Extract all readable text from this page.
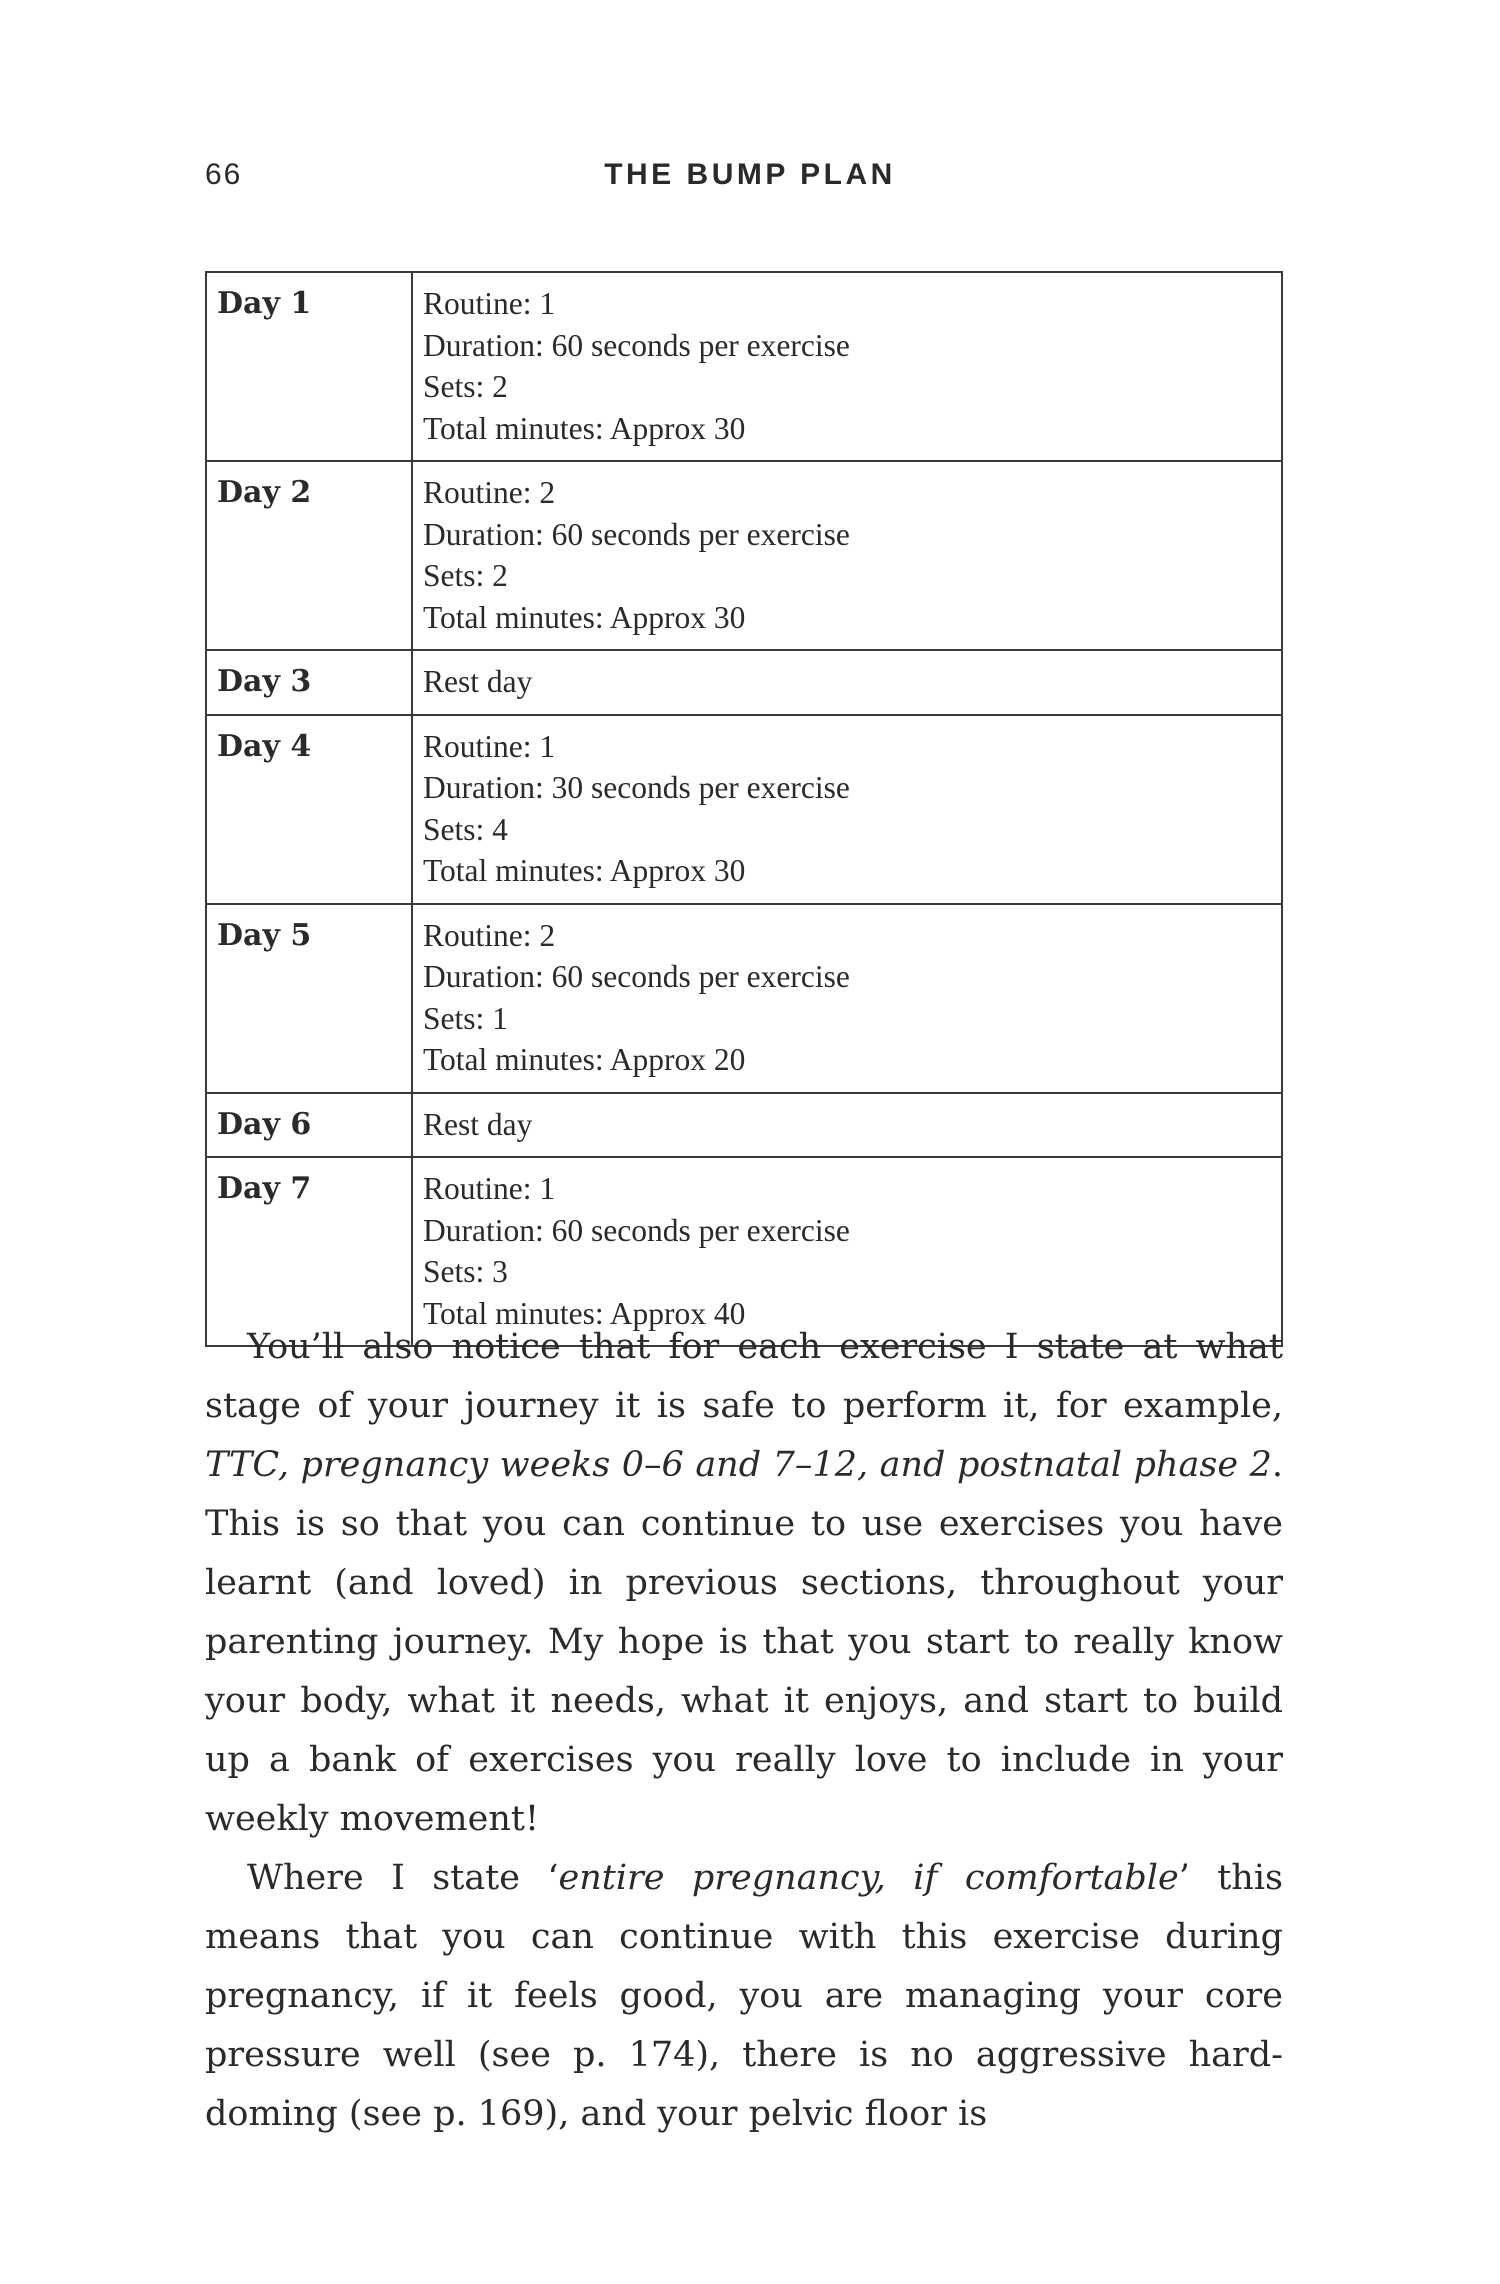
66	THE BUMP PLAN
Day 1	Routine: 1
Duration: 60 seconds per exercise
Sets: 2
Total minutes: Approx 30

Day 2	Routine: 2
Duration: 60 seconds per exercise
Sets: 2
Total minutes: Approx 30

Day 3	Rest day

Day 4	Routine: 1
Duration: 30 seconds per exercise
Sets: 4
Total minutes: Approx 30

Day 5	Routine: 2
Duration: 60 seconds per exercise
Sets: 1
Total minutes: Approx 20

Day 6	Rest day

Day 7	Routine: 1
Duration: 60 seconds per exercise
Sets: 3
Total minutes: Approx 40

You’ll also notice that for each exercise I state at what stage of your journey it is safe to perform it, for example, TTC, pregnancy weeks 0–6 and 7–12, and postnatal phase 2. This is so that you can continue to use exercises you have learnt (and loved) in previous sections, throughout your parenting journey. My hope is that you start to really know your body, what it needs, what it enjoys, and start to build up a bank of exercises you really love to include in your weekly movement!

Where I state ‘entire pregnancy, if comfortable’ this means that you can continue with this exercise during pregnancy, if it feels good, you are managing your core pressure well (see p. 174), there is no aggressive hard-doming (see p. 169), and your pelvic floor is
